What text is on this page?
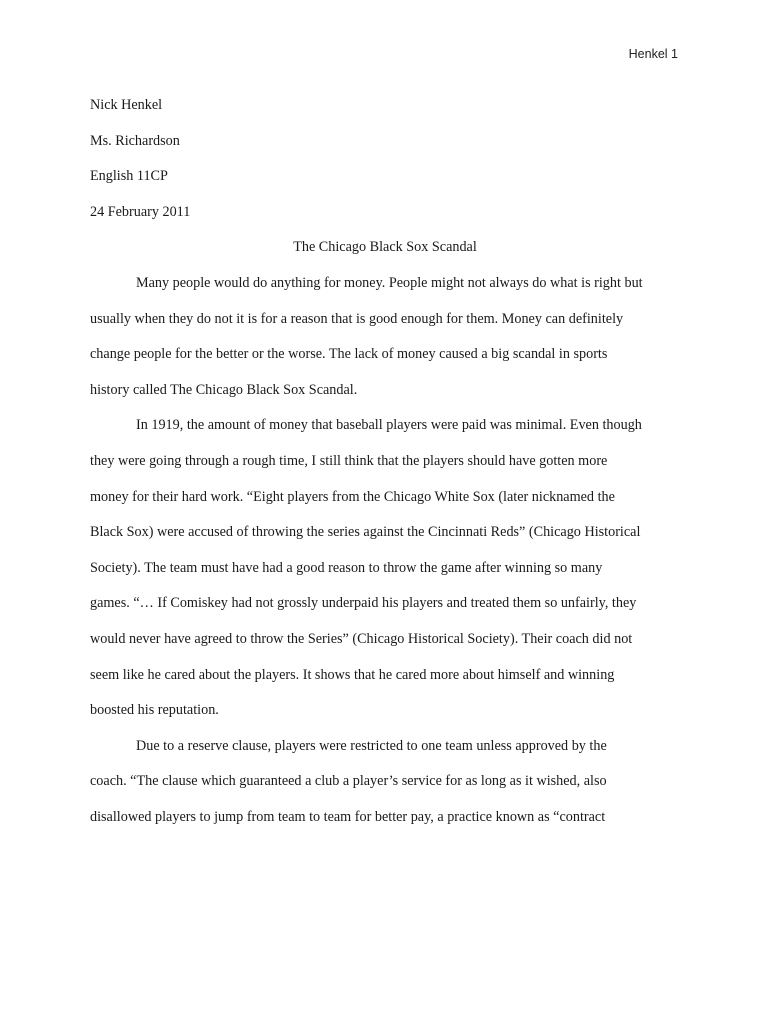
Henkel 1

Nick Henkel

Ms. Richardson

English 11CP

24 February 2011

The Chicago Black Sox Scandal

Many people would do anything for money. People might not always do what is right but

usually when they do not it is for a reason that is good enough for them. Money can definitely

change people for the better or the worse. The lack of money caused a big scandal in sports

history called The Chicago Black Sox Scandal.

In 1919, the amount of money that baseball players were paid was minimal. Even though

they were going through a rough time, I still think that the players should have gotten more

money for their hard work. “Eight players from the Chicago White Sox (later nicknamed the

Black Sox) were accused of throwing the series against the Cincinnati Reds” (Chicago Historical

Society). The team must have had a good reason to throw the game after winning so many

games. “… If Comiskey had not grossly underpaid his players and treated them so unfairly, they

would never have agreed to throw the Series” (Chicago Historical Society). Their coach did not

seem like he cared about the players. It shows that he cared more about himself and winning

boosted his reputation.

Due to a reserve clause, players were restricted to one team unless approved by the

coach. “The clause which guaranteed a club a player’s service for as long as it wished, also

disallowed players to jump from team to team for better pay, a practice known as “contract
